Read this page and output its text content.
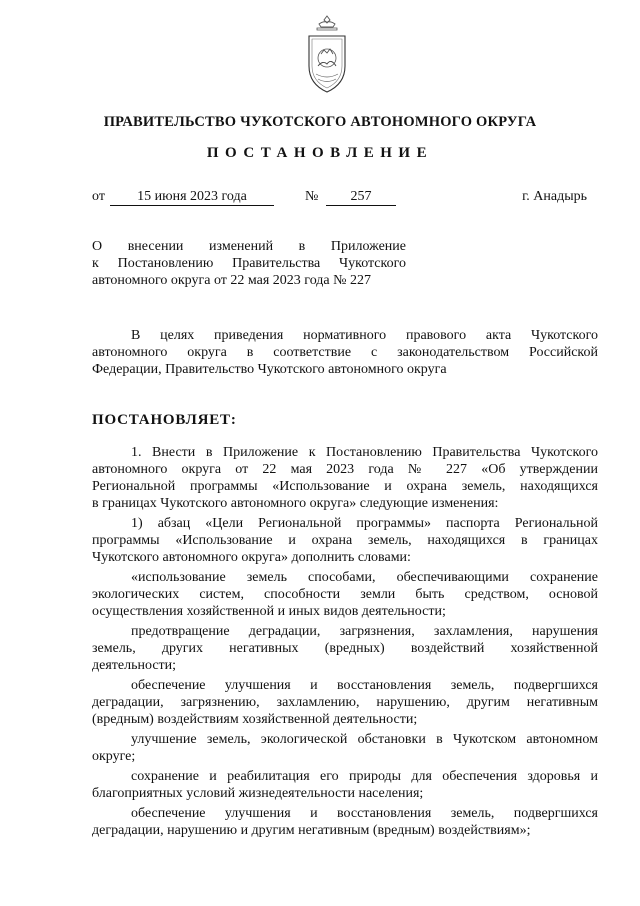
ПРАВИТЕЛЬСТВО ЧУКОТСКОГО АВТОНОМНОГО ОКРУГА
ПОСТАНОВЛЕНИЕ
от	15 июня 2023 года	№	257	г. Анадырь

О внесении изменений в Приложение

к Постановлению Правительства Чукотского

автономного округа от 22 мая 2023 года № 227

В целях приведения нормативного правового акта Чукотского

автономного округа в соответствие с законодательством Российской

Федерации, Правительство Чукотского автономного округа

ПОСТАНОВЛЯЕТ:
1. Внести в Приложение к Постановлению Правительства Чукотского
автономного округа от 22 мая 2023 года № 227 «Об утверждении
Региональной программы «Использование и охрана земель, находящихся
в границах Чукотского автономного округа» следующие изменения:
1) абзац «Цели Региональной программы» паспорта Региональной
программы «Использование и охрана земель, находящихся в границах
Чукотского автономного округа» дополнить словами:
«использование земель способами, обеспечивающими сохранение
экологических систем, способности земли быть средством, основой
осуществления хозяйственной и иных видов деятельности;
предотвращение деградации, загрязнения, захламления, нарушения
земель, других негативных (вредных) воздействий хозяйственной
деятельности;
обеспечение улучшения и восстановления земель, подвергшихся
деградации, загрязнению, захламлению, нарушению, другим негативным
(вредным) воздействиям хозяйственной деятельности;
улучшение земель, экологической обстановки в Чукотском автономном
округе;
сохранение и реабилитация его природы для обеспечения здоровья и
благоприятных условий жизнедеятельности населения;
обеспечение улучшения и восстановления земель, подвергшихся
деградации, нарушению и другим негативным (вредным) воздействиям»;
